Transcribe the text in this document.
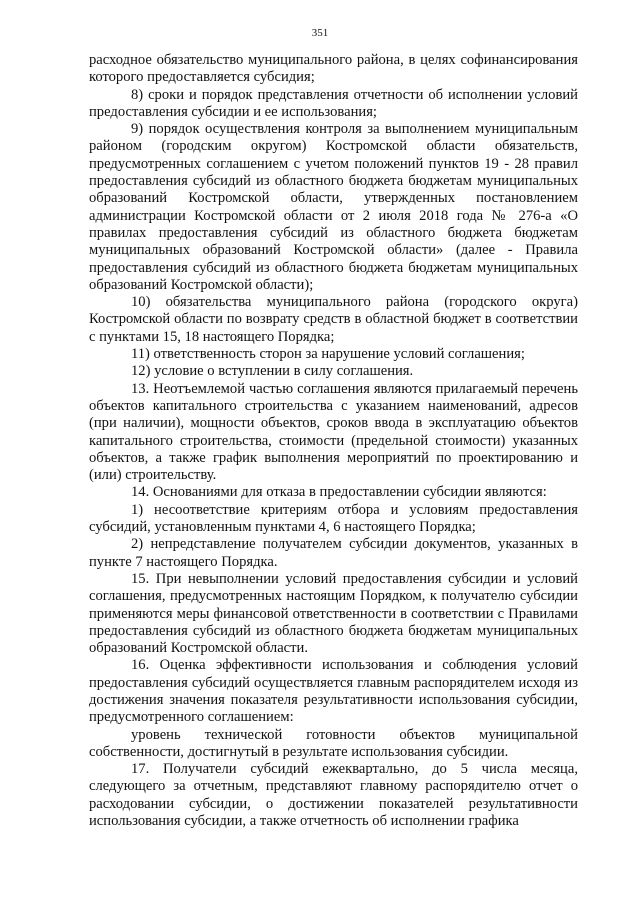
351

расходное обязательство муниципального района, в целях софинансирования которого предоставляется субсидия;

8) сроки и порядок представления отчетности об исполнении условий предоставления субсидии и ее использования;

9) порядок осуществления контроля за выполнением муниципальным районом (городским округом) Костромской области обязательств, предусмотренных соглашением с учетом положений пунктов 19 - 28 правил предоставления субсидий из областного бюджета бюджетам муниципальных образований Костромской области, утвержденных постановлением администрации Костромской области от 2 июля 2018 года № 276-а «О правилах предоставления субсидий из областного бюджета бюджетам муниципальных образований Костромской области» (далее - Правила предоставления субсидий из областного бюджета бюджетам муниципальных образований Костромской области);

10) обязательства муниципального района (городского округа) Костромской области по возврату средств в областной бюджет в соответствии с пунктами 15, 18 настоящего Порядка;

11) ответственность сторон за нарушение условий соглашения;

12) условие о вступлении в силу соглашения.

13. Неотъемлемой частью соглашения являются прилагаемый перечень объектов капитального строительства с указанием наименований, адресов (при наличии), мощности объектов, сроков ввода в эксплуатацию объектов капитального строительства, стоимости (предельной стоимости) указанных объектов, а также график выполнения мероприятий по проектированию и (или) строительству.

14. Основаниями для отказа в предоставлении субсидии являются:

1) несоответствие критериям отбора и условиям предоставления субсидий, установленным пунктами 4, 6 настоящего Порядка;

2) непредставление получателем субсидии документов, указанных в пункте 7 настоящего Порядка.

15. При невыполнении условий предоставления субсидии и условий соглашения, предусмотренных настоящим Порядком, к получателю субсидии применяются меры финансовой ответственности в соответствии с Правилами предоставления субсидий из областного бюджета бюджетам муниципальных образований Костромской области.

16. Оценка эффективности использования и соблюдения условий предоставления субсидий осуществляется главным распорядителем исходя из достижения значения показателя результативности использования субсидии, предусмотренного соглашением:

уровень технической готовности объектов муниципальной собственности, достигнутый в результате использования субсидии.

17. Получатели субсидий ежеквартально, до 5 числа месяца, следующего за отчетным, представляют главному распорядителю отчет о расходовании субсидии, о достижении показателей результативности использования субсидии, а также отчетность об исполнении графика
